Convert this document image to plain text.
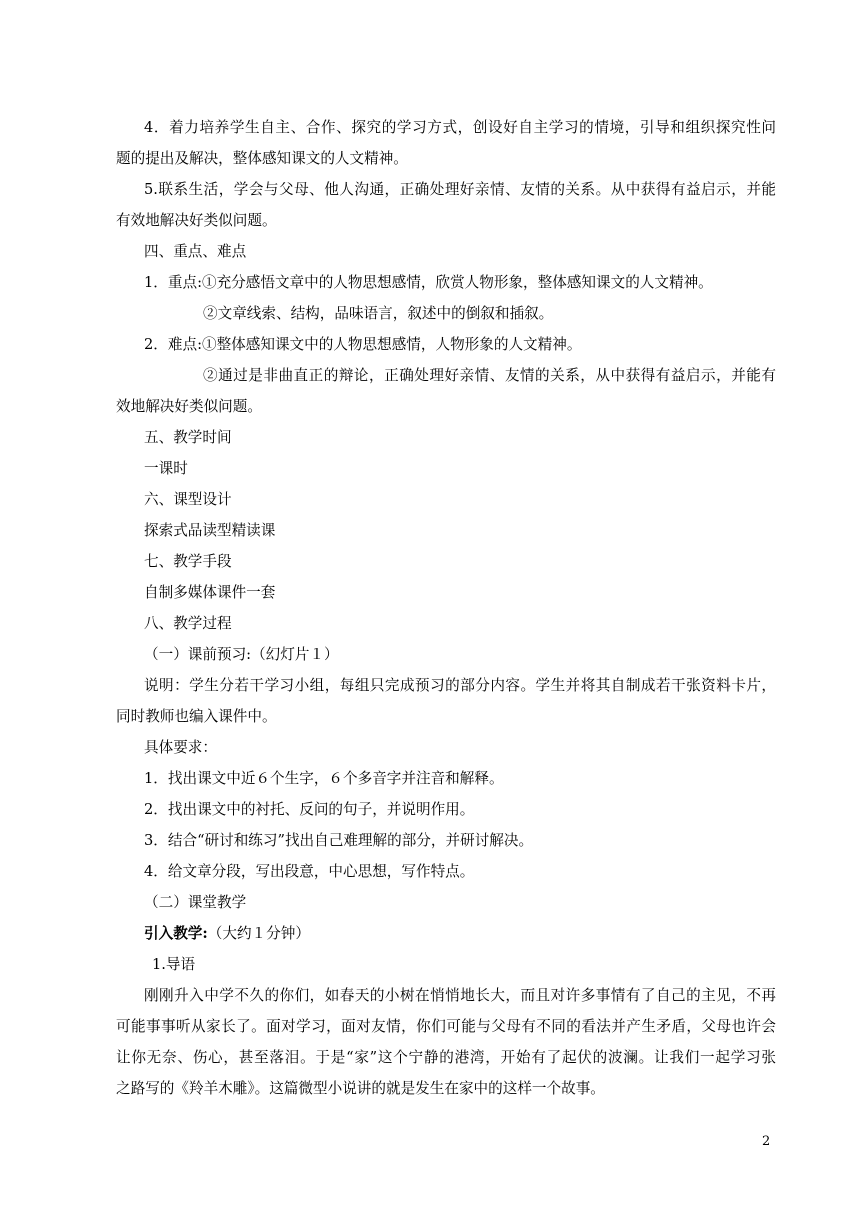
4．着力培养学生自主、合作、探究的学习方式，创设好自主学习的情境，引导和组织探究性问
题的提出及解决，整体感知课文的人文精神。
5.联系生活，学会与父母、他人沟通，正确处理好亲情、友情的关系。从中获得有益启示，并能
有效地解决好类似问题。
四、重点、难点
1．重点:①充分感悟文章中的人物思想感情，欣赏人物形象，整体感知课文的人文精神。
②文章线索、结构，品味语言，叙述中的倒叙和插叙。
2．难点:①整体感知课文中的人物思想感情，人物形象的人文精神。
②通过是非曲直正的辩论，正确处理好亲情、友情的关系，从中获得有益启示，并能有
效地解决好类似问题。
五、教学时间
一课时
六、课型设计
探索式品读型精读课
七、教学手段
自制多媒体课件一套
八、教学过程
（一）课前预习:（幻灯片１）
说明：学生分若干学习小组，每组只完成预习的部分内容。学生并将其自制成若干张资料卡片，
同时教师也编入课件中。
具体要求：
1．找出课文中近６个生字，６个多音字并注音和解释。
2．找出课文中的衬托、反问的句子，并说明作用。
3．结合“研讨和练习”找出自己难理解的部分，并研讨解决。
4．给文章分段，写出段意，中心思想，写作特点。
（二）课堂教学
引入教学:（大约１分钟）
1.导语
刚刚升入中学不久的你们，如春天的小树在悄悄地长大，而且对许多事情有了自己的主见，不再
可能事事听从家长了。面对学习，面对友情，你们可能与父母有不同的看法并产生矛盾，父母也许会
让你无奈、伤心，甚至落泪。于是“家”这个宁静的港湾，开始有了起伏的波澜。让我们一起学习张
之路写的《羚羊木雕》。这篇微型小说讲的就是发生在家中的这样一个故事。
2
